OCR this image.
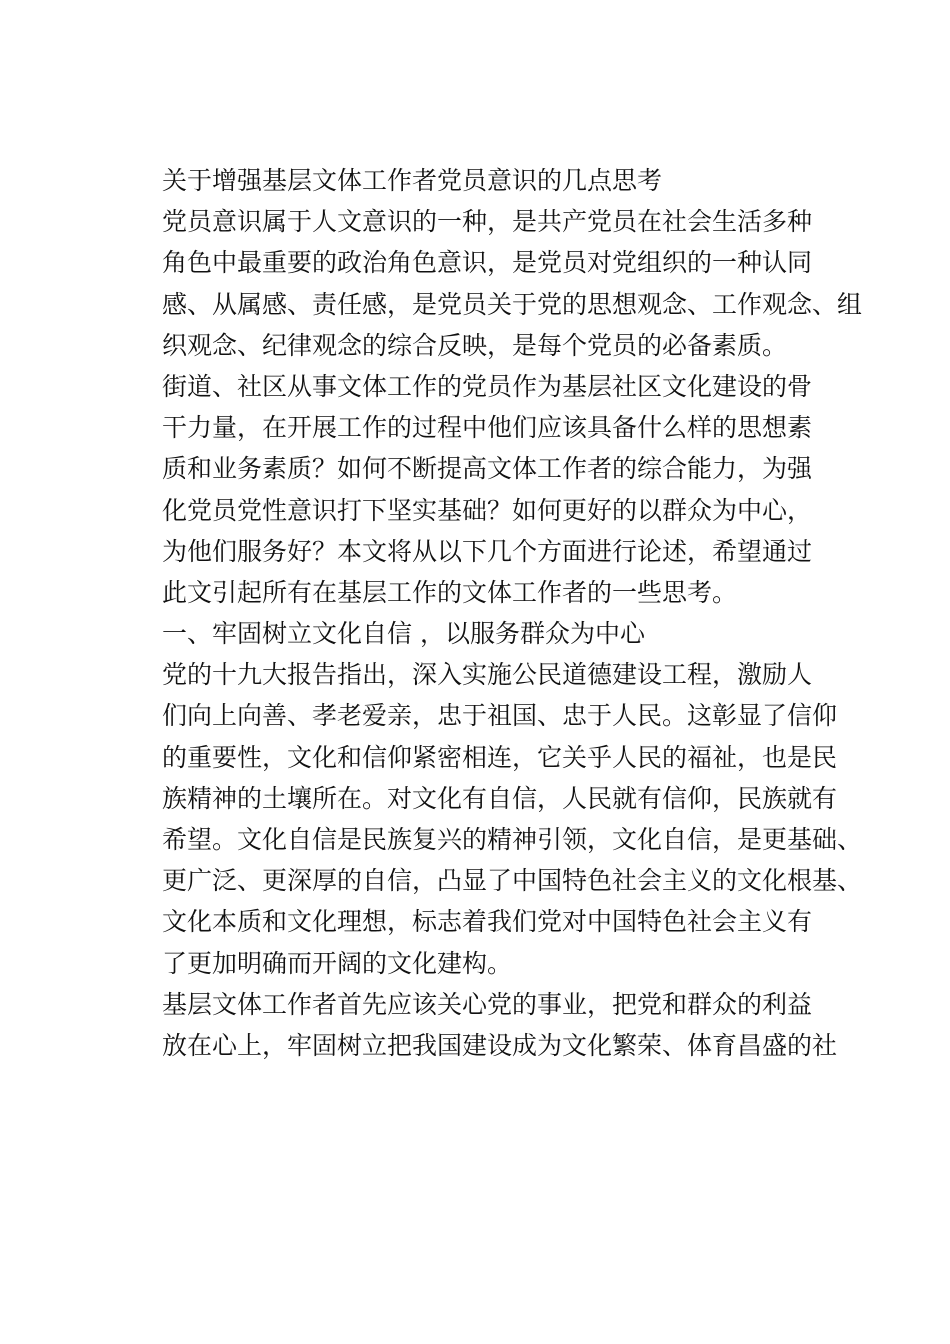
关于增强基层文体工作者党员意识的几点思考
党员意识属于人文意识的一种，是共产党员在社会生活多种
角色中最重要的政治角色意识，是党员对党组织的一种认同
感、从属感、责任感，是党员关于党的思想观念、工作观念、组
织观念、纪律观念的综合反映，是每个党员的必备素质。
街道、社区从事文体工作的党员作为基层社区文化建设的骨
干力量，在开展工作的过程中他们应该具备什么样的思想素
质和业务素质？如何不断提高文体工作者的综合能力，为强
化党员党性意识打下坚实基础？如何更好的以群众为中心，
为他们服务好？本文将从以下几个方面进行论述，希望通过
此文引起所有在基层工作的文体工作者的一些思考。
一、牢固树立文化自信 ，以服务群众为中心
党的十九大报告指出，深入实施公民道德建设工程，激励人
们向上向善、孝老爱亲，忠于祖国、忠于人民。这彰显了信仰
的重要性，文化和信仰紧密相连，它关乎人民的福祉，也是民
族精神的土壤所在。对文化有自信，人民就有信仰，民族就有
希望。文化自信是民族复兴的精神引领，文化自信，是更基础、
更广泛、更深厚的自信，凸显了中国特色社会主义的文化根基、
文化本质和文化理想，标志着我们党对中国特色社会主义有
了更加明确而开阔的文化建构。
基层文体工作者首先应该关心党的事业，把党和群众的利益
放在心上，牢固树立把我国建设成为文化繁荣、体育昌盛的社
